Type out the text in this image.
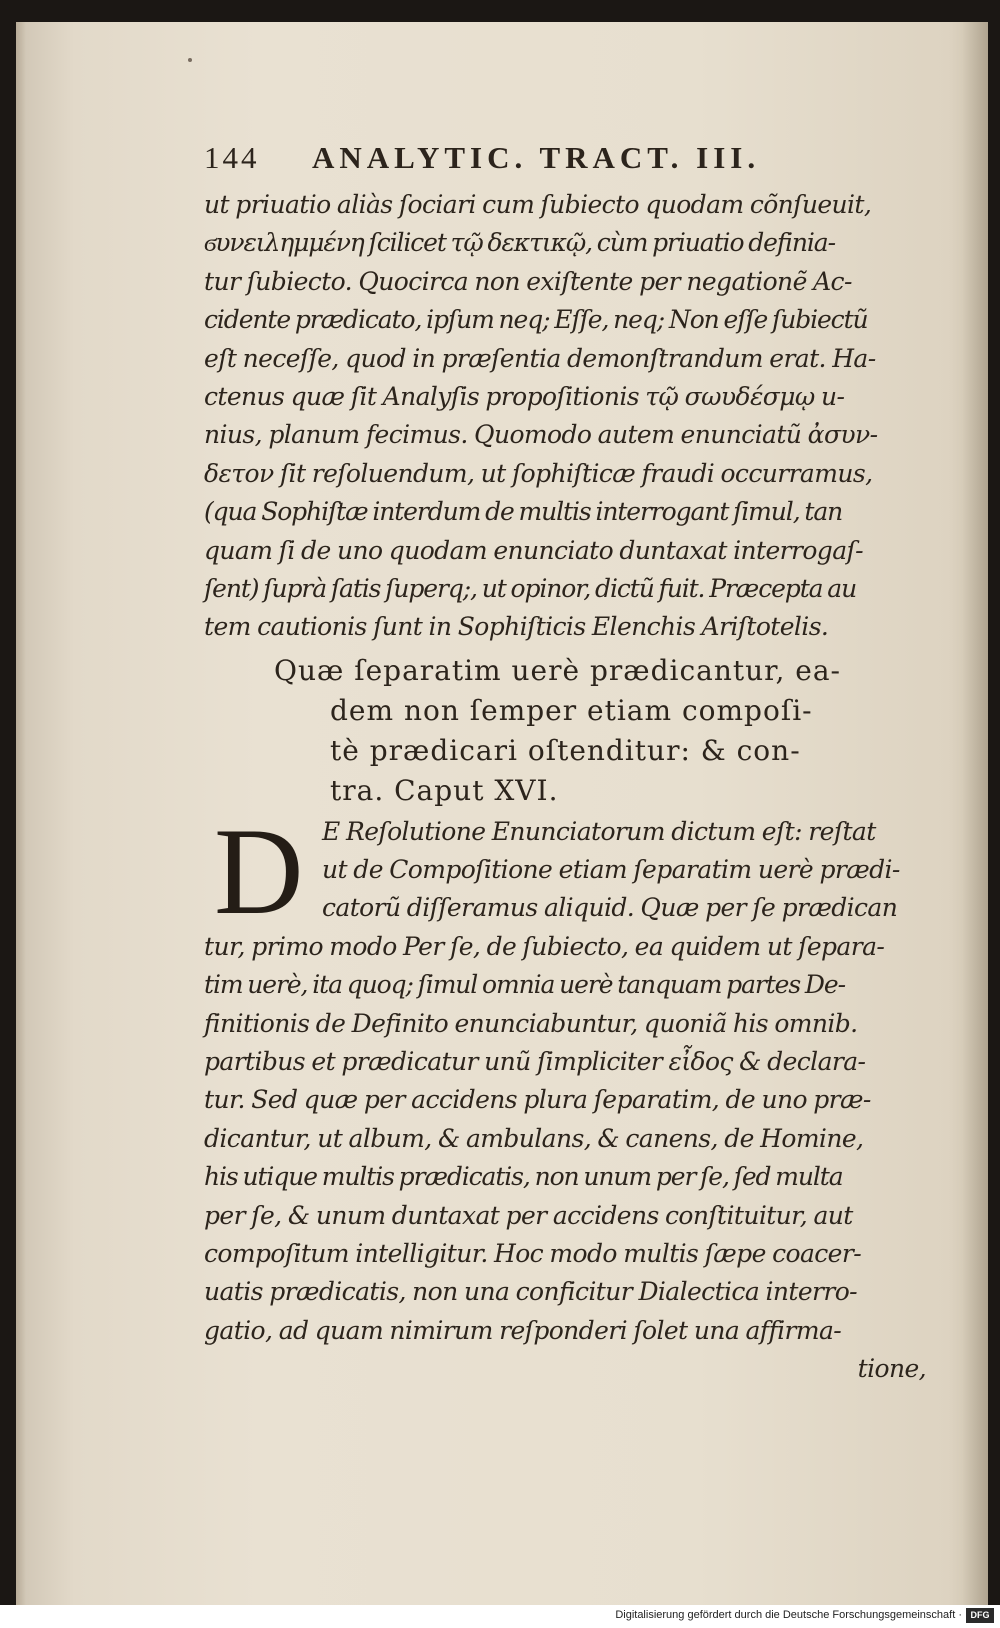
144 ANALYTIC. TRACT. III.
ut priuatio aliàs ſociari cum ſubiecto quodam cõnſueuit,
ϭυνειλημμένη ſcilicet τῷ δεκτικῷ, cùm priuatio definia-
tur ſubiecto. Quocirca non exiſtente per negationẽ Ac-
cidente prædicato, ipſum neq; Eſſe, neq; Non eſſe ſubiectũ
eſt neceſſe, quod in præſentia demonſtrandum erat. Ha-
ctenus quæ ſit Analyſis propoſitionis τῷ σωυδέσμῳ u-
nius, planum fecimus. Quomodo autem enunciatũ ἀσυν-
δετον ſit reſoluendum, ut ſophiſticæ fraudi occurramus,
(qua Sophiſtæ interdum de multis interrogant ſimul, tan
quam ſi de uno quodam enunciato duntaxat interrogaſ-
ſent) ſuprà ſatis ſuperq;, ut opinor, dictũ fuit. Præcepta au
tem cautionis ſunt in Sophiſticis Elenchis Ariſtotelis.
Quæ ſeparatim uerè prædicantur, ea-
dem non ſemper etiam compoſi-
tè prædicari oſtenditur: & con-
tra. Caput XVI.
D E Reſolutione Enunciatorum dictum eſt: reſtat
ut de Compoſitione etiam ſeparatim uerè prædi-
catorũ diſſeramus aliquid. Quæ per ſe prædican
tur, primo modo Per ſe, de ſubiecto, ea quidem ut ſepara-
tim uerè, ita quoq; ſimul omnia uerè tanquam partes De-
finitionis de Definito enunciabuntur, quoniã his omnib.
partibus et prædicatur unũ ſimpliciter εἶδος & declara-
tur. Sed quæ per accidens plura ſeparatim, de uno præ-
dicantur, ut album, & ambulans, & canens, de Homine,
his utique multis prædicatis, non unum per ſe, ſed multa
per ſe, & unum duntaxat per accidens conſtituitur, aut
compoſitum intelligitur. Hoc modo multis ſæpe coacer-
uatis prædicatis, non una conficitur Dialectica interro-
gatio, ad quam nimirum reſponderi ſolet una affirma-
tione,
Digitalisierung gefördert durch die Deutsche Forschungsgemeinschaft · DFG
